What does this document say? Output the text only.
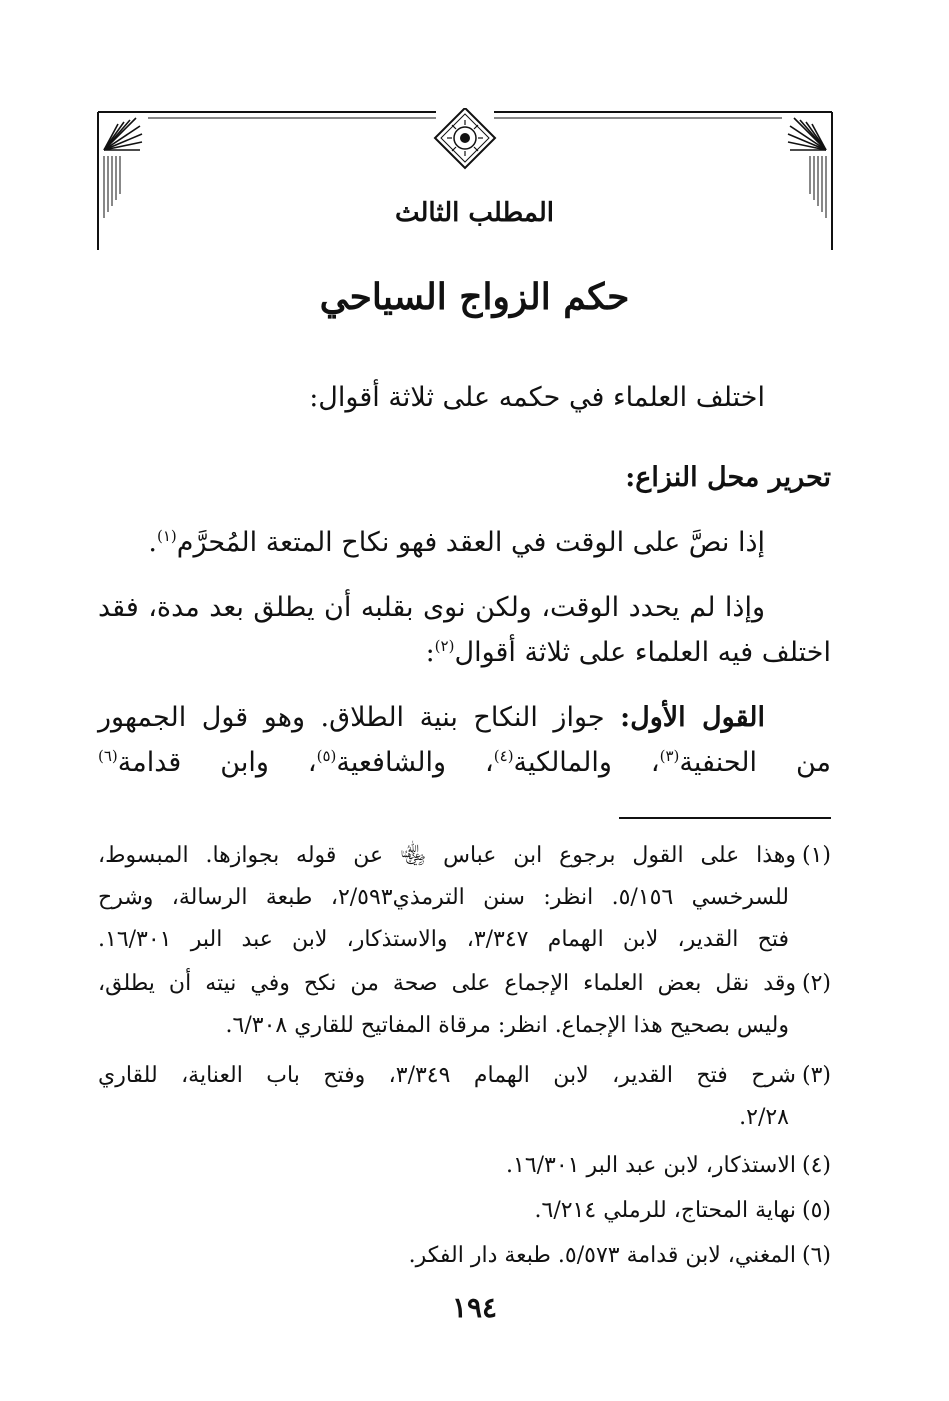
المطلب الثالث
حكم الزواج السياحي
اختلف العلماء في حكمه على ثلاثة أقوال:
تحرير محل النزاع:
إذا نصَّ على الوقت في العقد فهو نكاح المتعة المُحرَّم$^{(١)}$.
وإذا لم يحدد الوقت، ولكن نوى بقلبه أن يطلق بعد مدة، فقد
اختلف فيه العلماء على ثلاثة أقوال$^{(٢)}$:
القول الأول: جواز النكاح بنية الطلاق. وهو قول الجمهور
من الحنفية$^{(٣)}$، والمالكية$^{(٤)}$، والشافعية$^{(٥)}$، وابن قدامة$^{(٦)}$
(١)وهذا على القول برجوع ابن عباس ﵄ عن قوله بجوازها. المبسوط،
للسرخسي ٥/١٥٦. انظر: سنن الترمذي٢/٥٩٣، طبعة الرسالة، وشرح
فتح القدير، لابن الهمام ٣/٣٤٧، والاستذكار، لابن عبد البر ١٦/٣٠١.
(٢)وقد نقل بعض العلماء الإجماع على صحة من نكح وفي نيته أن يطلق،
وليس بصحيح هذا الإجماع. انظر: مرقاة المفاتيح للقاري ٦/٣٠٨.
(٣)شرح فتح القدير، لابن الهمام ٣/٣٤٩، وفتح باب العناية، للقاري
٢/٢٨.
(٤)الاستذكار، لابن عبد البر ١٦/٣٠١.
(٥)نهاية المحتاج، للرملي ٦/٢١٤.
(٦)المغني، لابن قدامة ٥/٥٧٣. طبعة دار الفكر.
١٩٤
